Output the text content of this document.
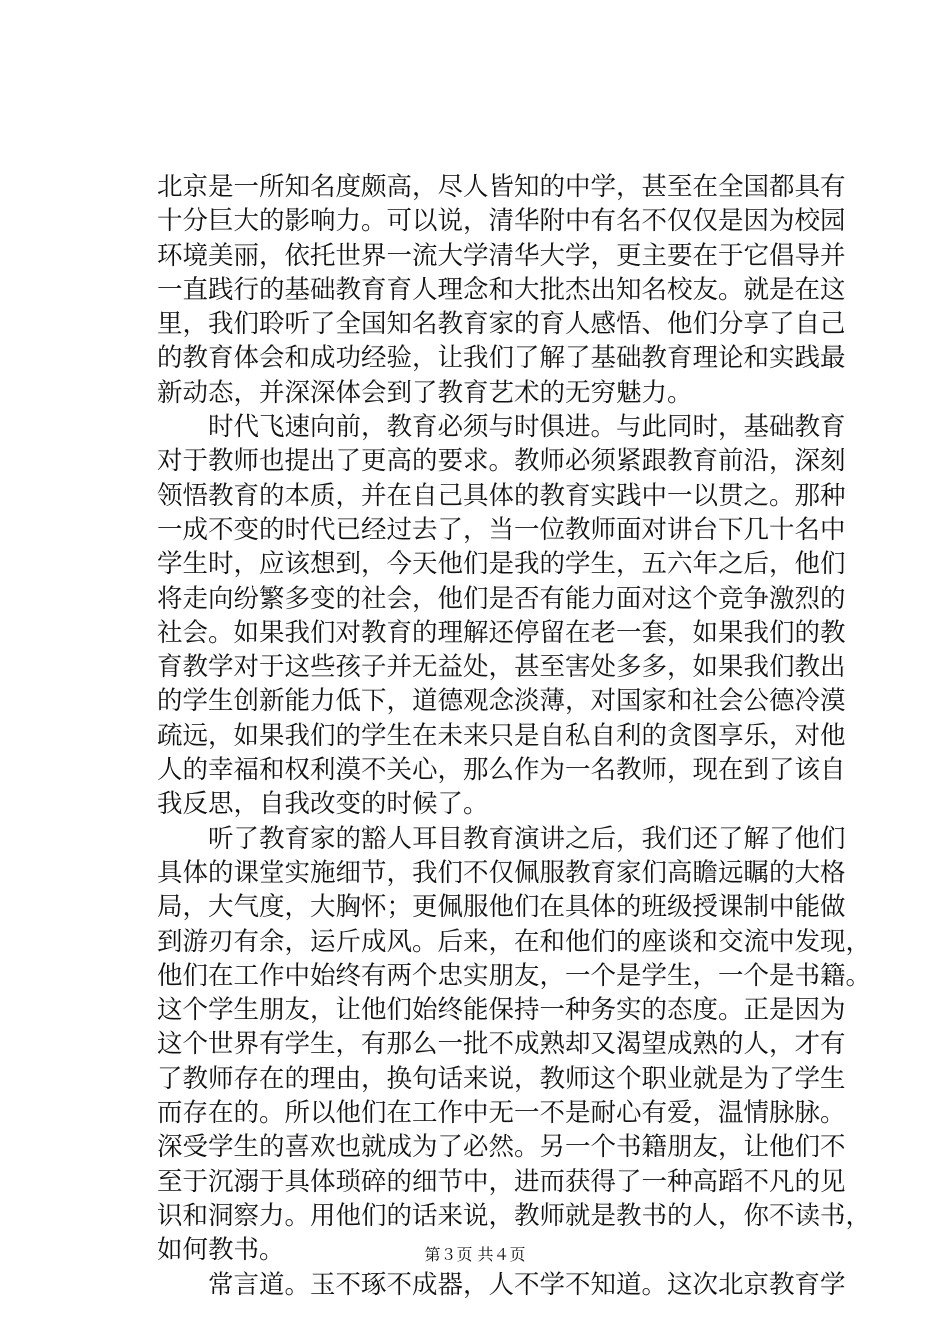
北京是一所知名度颇高，尽人皆知的中学，甚至在全国都具有
十分巨大的影响力。可以说，清华附中有名不仅仅是因为校园
环境美丽，依托世界一流大学清华大学，更主要在于它倡导并
一直践行的基础教育育人理念和大批杰出知名校友。就是在这
里，我们聆听了全国知名教育家的育人感悟、他们分享了自己
的教育体会和成功经验，让我们了解了基础教育理论和实践最
新动态，并深深体会到了教育艺术的无穷魅力。
　　时代飞速向前，教育必须与时俱进。与此同时，基础教育
对于教师也提出了更高的要求。教师必须紧跟教育前沿，深刻
领悟教育的本质，并在自己具体的教育实践中一以贯之。那种
一成不变的时代已经过去了，当一位教师面对讲台下几十名中
学生时，应该想到，今天他们是我的学生，五六年之后，他们
将走向纷繁多变的社会，他们是否有能力面对这个竞争激烈的
社会。如果我们对教育的理解还停留在老一套，如果我们的教
育教学对于这些孩子并无益处，甚至害处多多，如果我们教出
的学生创新能力低下，道德观念淡薄，对国家和社会公德冷漠
疏远，如果我们的学生在未来只是自私自利的贪图享乐，对他
人的幸福和权利漠不关心，那么作为一名教师，现在到了该自
我反思，自我改变的时候了。
　　听了教育家的豁人耳目教育演讲之后，我们还了解了他们
具体的课堂实施细节，我们不仅佩服教育家们高瞻远瞩的大格
局，大气度，大胸怀；更佩服他们在具体的班级授课制中能做
到游刃有余，运斤成风。后来，在和他们的座谈和交流中发现，
他们在工作中始终有两个忠实朋友，一个是学生，一个是书籍。
这个学生朋友，让他们始终能保持一种务实的态度。正是因为
这个世界有学生，有那么一批不成熟却又渴望成熟的人，才有
了教师存在的理由，换句话来说，教师这个职业就是为了学生
而存在的。所以他们在工作中无一不是耐心有爱，温情脉脉。
深受学生的喜欢也就成为了必然。另一个书籍朋友，让他们不
至于沉溺于具体琐碎的细节中，进而获得了一种高蹈不凡的见
识和洞察力。用他们的话来说，教师就是教书的人，你不读书，
如何教书。
　　常言道。玉不琢不成器，人不学不知道。这次北京教育学
第３页 共４页
